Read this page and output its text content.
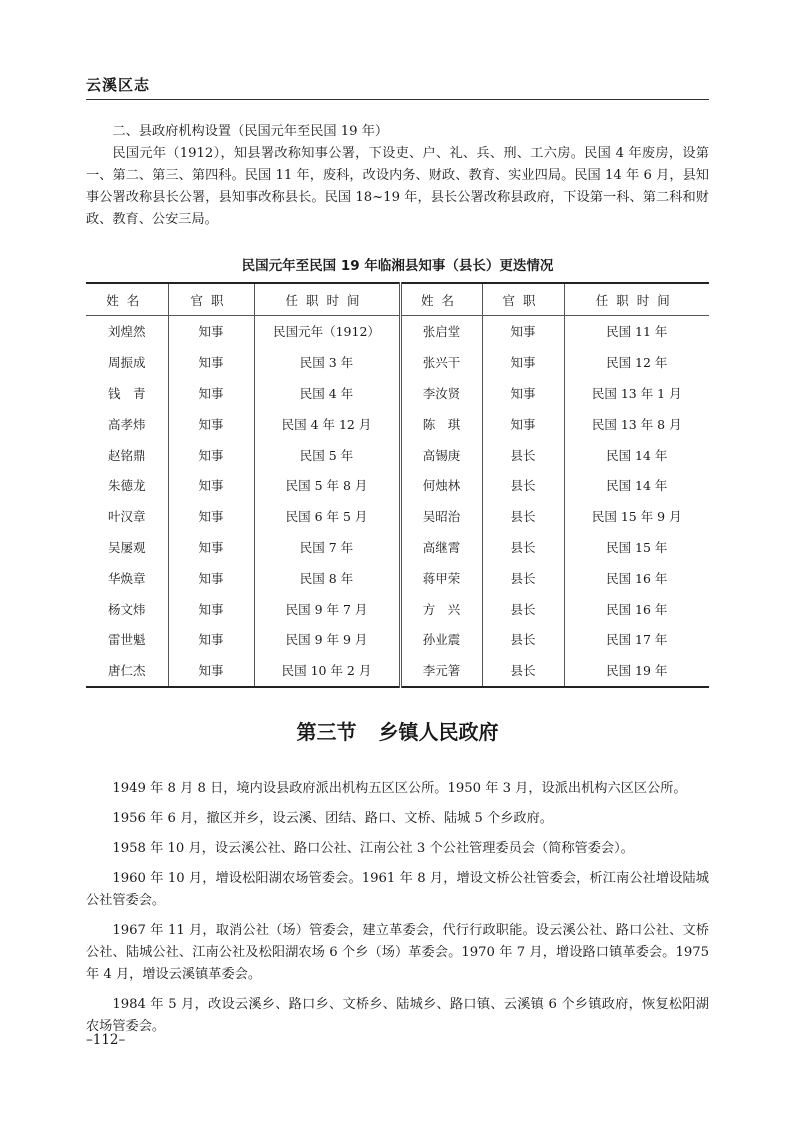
云溪区志

二、县政府机构设置（民国元年至民国 19 年）

民国元年（1912），知县署改称知事公署，下设吏、户、礼、兵、刑、工六房。民国 4 年废房，设第一、第二、第三、第四科。民国 11 年，废科，改设内务、财政、教育、实业四局。民国 14 年 6 月，县知事公署改称县长公署，县知事改称县长。民国 18~19 年，县长公署改称县政府，下设第一科、第二科和财政、教育、公安三局。

民国元年至民国 19 年临湘县知事（县长）更迭情况
姓名	官职	任职时间	姓名	官职	任职时间
刘煌然	知事	民国元年（1912）	张启堂	知事	民国 11 年
周振成	知事	民国 3 年	张兴干	知事	民国 12 年
钱　青	知事	民国 4 年	李汝贤	知事	民国 13 年 1 月
高孝炜	知事	民国 4 年 12 月	陈　琪	知事	民国 13 年 8 月
赵铭鼎	知事	民国 5 年	高锡庚	县长	民国 14 年
朱德龙	知事	民国 5 年 8 月	何烛林	县长	民国 14 年
叶汉章	知事	民国 6 年 5 月	吴昭治	县长	民国 15 年 9 月
吴屡观	知事	民国 7 年	高继霄	县长	民国 15 年
华焕章	知事	民国 8 年	蒋甲荣	县长	民国 16 年
杨文炜	知事	民国 9 年 7 月	方　兴	县长	民国 16 年
雷世魁	知事	民国 9 年 9 月	孙业震	县长	民国 17 年
唐仁杰	知事	民国 10 年 2 月	李元箸	县长	民国 19 年
第三节 乡镇人民政府

1949 年 8 月 8 日，境内设县政府派出机构五区区公所。1950 年 3 月，设派出机构六区区公所。

1956 年 6 月，撤区并乡，设云溪、团结、路口、文桥、陆城 5 个乡政府。

1958 年 10 月，设云溪公社、路口公社、江南公社 3 个公社管理委员会（简称管委会）。

1960 年 10 月，增设松阳湖农场管委会。1961 年 8 月，增设文桥公社管委会，析江南公社增设陆城公社管委会。

1967 年 11 月，取消公社（场）管委会，建立革委会，代行行政职能。设云溪公社、路口公社、文桥公社、陆城公社、江南公社及松阳湖农场 6 个乡（场）革委会。1970 年 7 月，增设路口镇革委会。1975 年 4 月，增设云溪镇革委会。

1984 年 5 月，改设云溪乡、路口乡、文桥乡、陆城乡、路口镇、云溪镇 6 个乡镇政府，恢复松阳湖农场管委会。

–112–
